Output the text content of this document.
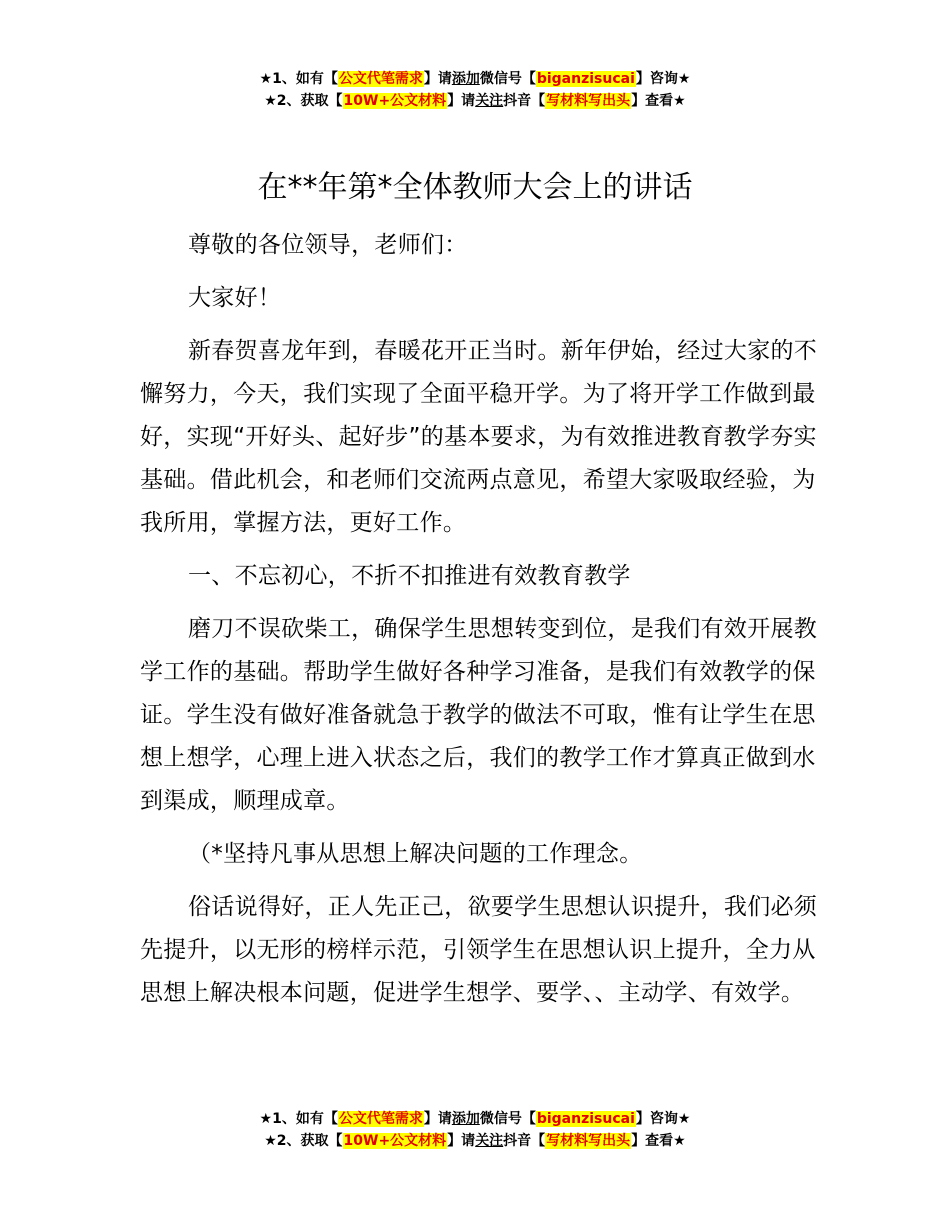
★1、如有【公文代笔需求】请添加微信号【biganzisucai】咨询★
★2、获取【10W+公文材料】请关注抖音【写材料写出头】查看★
在**年第*全体教师大会上的讲话

尊敬的各位领导，老师们：

大家好！

新春贺喜龙年到，春暖花开正当时。新年伊始，经过大家的不懈努力，今天，我们实现了全面平稳开学。为了将开学工作做到最好，实现“开好头、起好步”的基本要求，为有效推进教育教学夯实基础。借此机会，和老师们交流两点意见，希望大家吸取经验，为我所用，掌握方法，更好工作。

一、不忘初心，不折不扣推进有效教育教学

磨刀不误砍柴工，确保学生思想转变到位，是我们有效开展教学工作的基础。帮助学生做好各种学习准备，是我们有效教学的保证。学生没有做好准备就急于教学的做法不可取，惟有让学生在思想上想学，心理上进入状态之后，我们的教学工作才算真正做到水到渠成，顺理成章。

（*坚持凡事从思想上解决问题的工作理念。

俗话说得好，正人先正己，欲要学生思想认识提升，我们必须先提升，以无形的榜样示范，引领学生在思想认识上提升，全力从思想上解决根本问题，促进学生想学、要学、、主动学、有效学。

★1、如有【公文代笔需求】请添加微信号【biganzisucai】咨询★
★2、获取【10W+公文材料】请关注抖音【写材料写出头】查看★
